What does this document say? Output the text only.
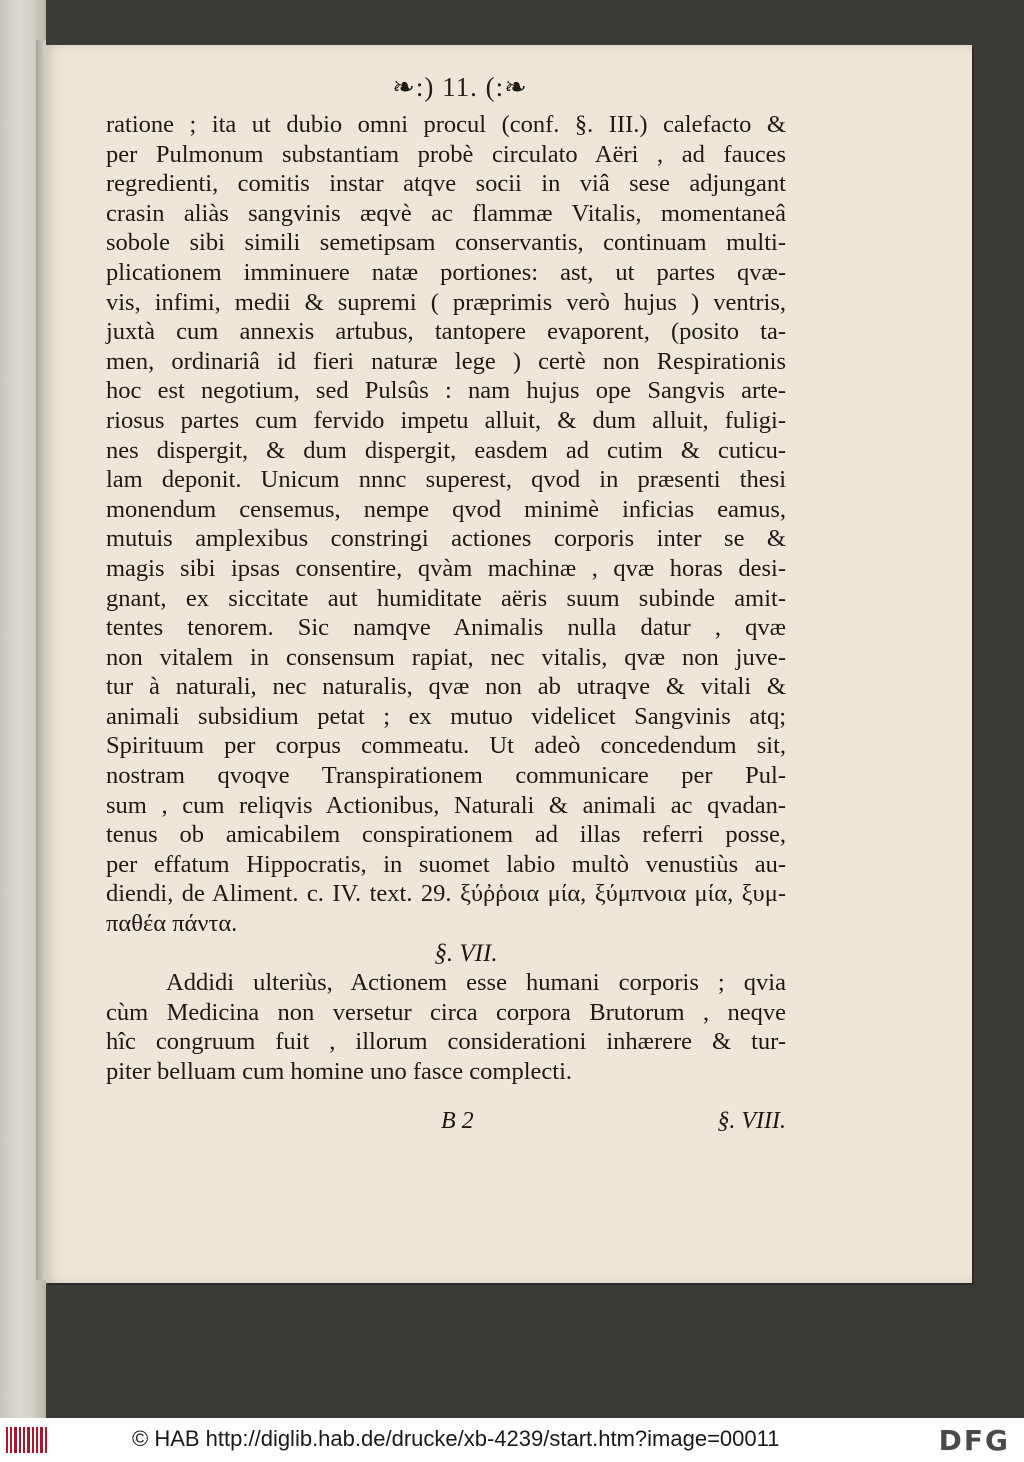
❧:) 11. (:❧
ratione ; ita ut dubio omni procul (conf. §. III.) calefacto &
per Pulmonum substantiam probè circulato Aëri , ad fauces
regredienti, comitis instar atqve socii in viâ sese adjungant
crasin aliàs sangvinis æqvè ac flammæ Vitalis, momentaneâ
sobole sibi simili semetipsam conservantis, continuam multi-
plicationem imminuere natæ portiones: ast, ut partes qvæ-
vis, infimi, medii & supremi ( præprimis verò hujus ) ventris,
juxtà cum annexis artubus, tantopere evaporent, (posito ta-
men, ordinariâ id fieri naturæ lege ) certè non Respirationis
hoc est negotium, sed Pulsûs : nam hujus ope Sangvis arte-
riosus partes cum fervido impetu alluit, & dum alluit, fuligi-
nes dispergit, & dum dispergit, easdem ad cutim & cuticu-
lam deponit. Unicum nnnc superest, qvod in præsenti thesi
monendum censemus, nempe qvod minimè inficias eamus,
mutuis amplexibus constringi actiones corporis inter se &
magis sibi ipsas consentire, qvàm machinæ , qvæ horas desi-
gnant, ex siccitate aut humiditate aëris suum subinde amit-
tentes tenorem. Sic namqve Animalis nulla datur , qvæ
non vitalem in consensum rapiat, nec vitalis, qvæ non juve-
tur à naturali, nec naturalis, qvæ non ab utraqve & vitali &
animali subsidium petat ; ex mutuo videlicet Sangvinis atq;
Spirituum per corpus commeatu. Ut adeò concedendum sit,
nostram qvoqve Transpirationem communicare per Pul-
sum , cum reliqvis Actionibus, Naturali & animali ac qvadan-
tenus ob amicabilem conspirationem ad illas referri posse,
per effatum Hippocratis, in suomet labio multò venustiùs au-
diendi, de Aliment. c. IV. text. 29. ξύῤῥοια μία, ξύμπνοια μία, ξυμ-
παθέα πάντα.
§. VII.
Addidi ulteriùs, Actionem esse humani corporis ; qvia
cùm Medicina non versetur circa corpora Brutorum , neqve
hîc congruum fuit , illorum considerationi inhærere & tur-
piter belluam cum homine uno fasce complecti.
B 2	§. VIII.
© HAB http://diglib.hab.de/drucke/xb-4239/start.htm?image=00011	DFG
